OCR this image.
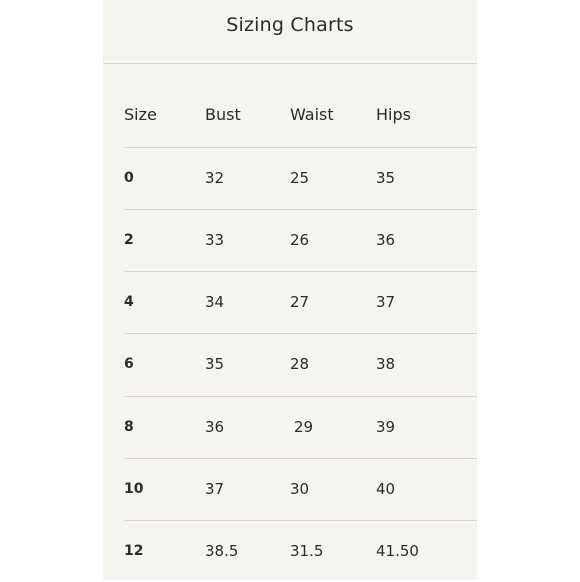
Sizing Charts
Size	Bust	Waist	Hips
0	32	25	35
2	33	26	36
4	34	27	37
6	35	28	38
8	36	29	39
10	37	30	40
12	38.5	31.5	41.50
